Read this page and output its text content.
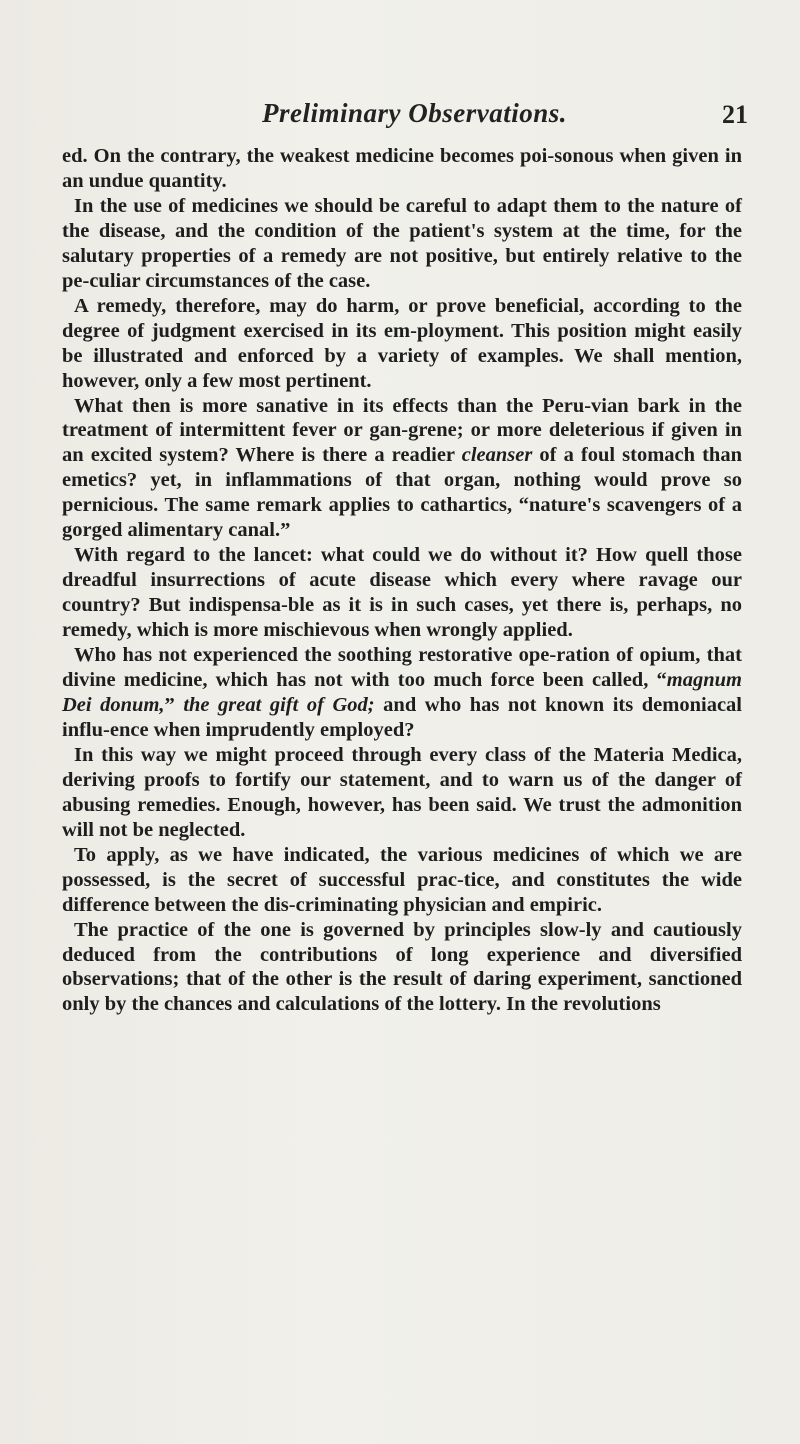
Preliminary Observations.	21

ed. On the contrary, the weakest medicine becomes poi-sonous when given in an undue quantity.

In the use of medicines we should be careful to adapt them to the nature of the disease, and the condition of the patient's system at the time, for the salutary properties of a remedy are not positive, but entirely relative to the pe-culiar circumstances of the case.

A remedy, therefore, may do harm, or prove beneficial, according to the degree of judgment exercised in its em-ployment. This position might easily be illustrated and enforced by a variety of examples. We shall mention, however, only a few most pertinent.

What then is more sanative in its effects than the Peru-vian bark in the treatment of intermittent fever or gan-grene; or more deleterious if given in an excited system? Where is there a readier cleanser of a foul stomach than emetics? yet, in inflammations of that organ, nothing would prove so pernicious. The same remark applies to cathartics, “nature's scavengers of a gorged alimentary canal.”

With regard to the lancet: what could we do without it? How quell those dreadful insurrections of acute disease which every where ravage our country? But indispensa-ble as it is in such cases, yet there is, perhaps, no remedy, which is more mischievous when wrongly applied.

Who has not experienced the soothing restorative ope-ration of opium, that divine medicine, which has not with too much force been called, “magnum Dei donum,” the great gift of God; and who has not known its demoniacal influ-ence when imprudently employed?

In this way we might proceed through every class of the Materia Medica, deriving proofs to fortify our statement, and to warn us of the danger of abusing remedies. Enough, however, has been said. We trust the admonition will not be neglected.

To apply, as we have indicated, the various medicines of which we are possessed, is the secret of successful prac-tice, and constitutes the wide difference between the dis-criminating physician and empiric.

The practice of the one is governed by principles slow-ly and cautiously deduced from the contributions of long experience and diversified observations; that of the other is the result of daring experiment, sanctioned only by the chances and calculations of the lottery. In the revolutions
